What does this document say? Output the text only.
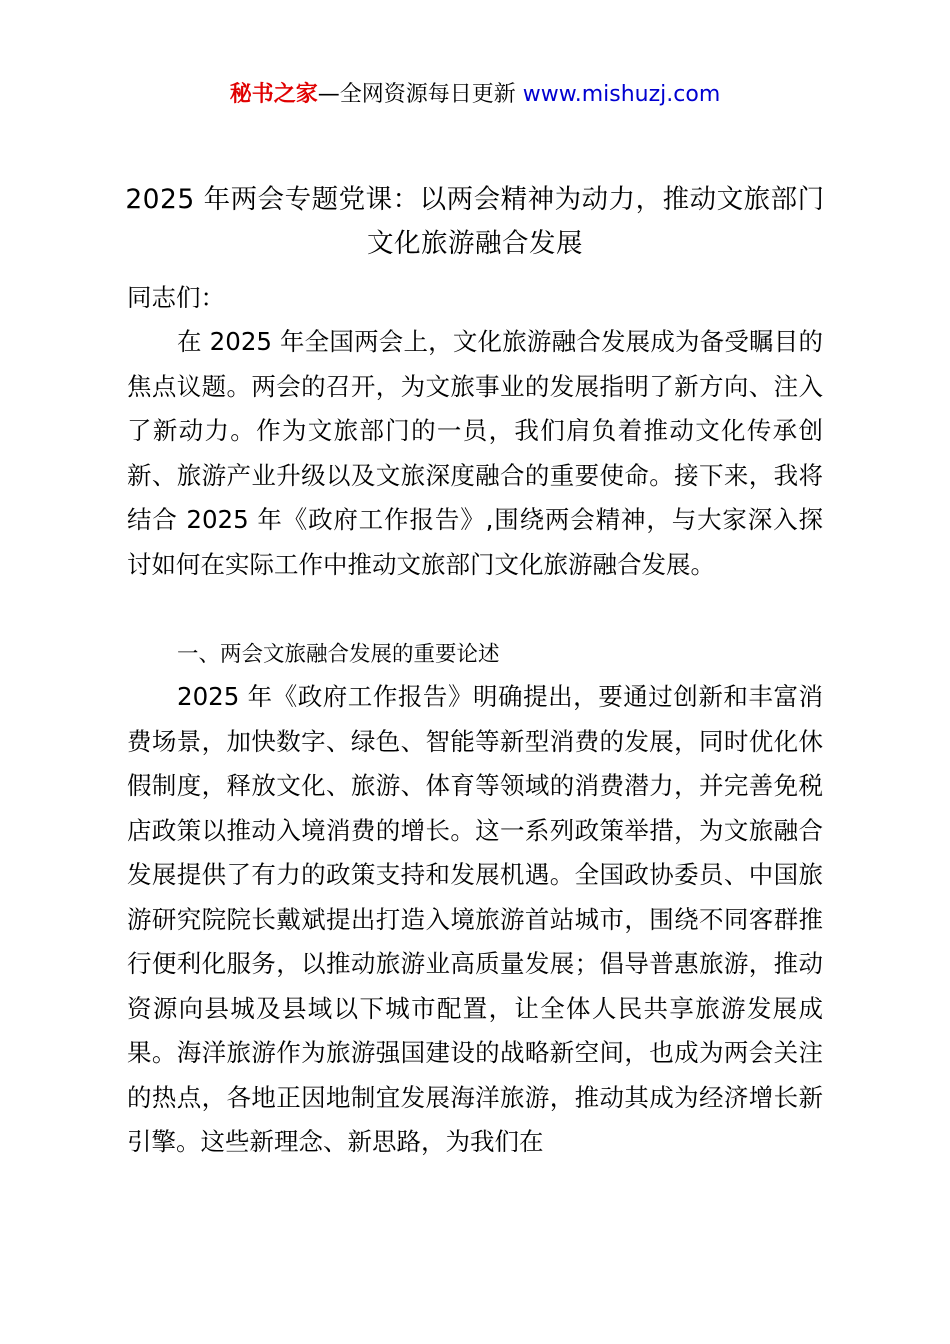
秘书之家—全网资源每日更新 www.mishuzj.com
2025 年两会专题党课：以两会精神为动力，推动文旅部门文化旅游融合发展
同志们：
在 2025 年全国两会上，文化旅游融合发展成为备受瞩目的焦点议题。两会的召开，为文旅事业的发展指明了新方向、注入了新动力。作为文旅部门的一员，我们肩负着推动文化传承创新、旅游产业升级以及文旅深度融合的重要使命。接下来，我将结合 2025 年《政府工作报告》,围绕两会精神，与大家深入探讨如何在实际工作中推动文旅部门文化旅游融合发展。
一、两会文旅融合发展的重要论述
2025 年《政府工作报告》明确提出，要通过创新和丰富消费场景，加快数字、绿色、智能等新型消费的发展，同时优化休假制度，释放文化、旅游、体育等领域的消费潜力，并完善免税店政策以推动入境消费的增长。这一系列政策举措，为文旅融合发展提供了有力的政策支持和发展机遇。全国政协委员、中国旅游研究院院长戴斌提出打造入境旅游首站城市，围绕不同客群推行便利化服务，以推动旅游业高质量发展；倡导普惠旅游，推动资源向县城及县域以下城市配置，让全体人民共享旅游发展成果。海洋旅游作为旅游强国建设的战略新空间，也成为两会关注的热点，各地正因地制宜发展海洋旅游，推动其成为经济增长新引擎。这些新理念、新思路，为我们在
